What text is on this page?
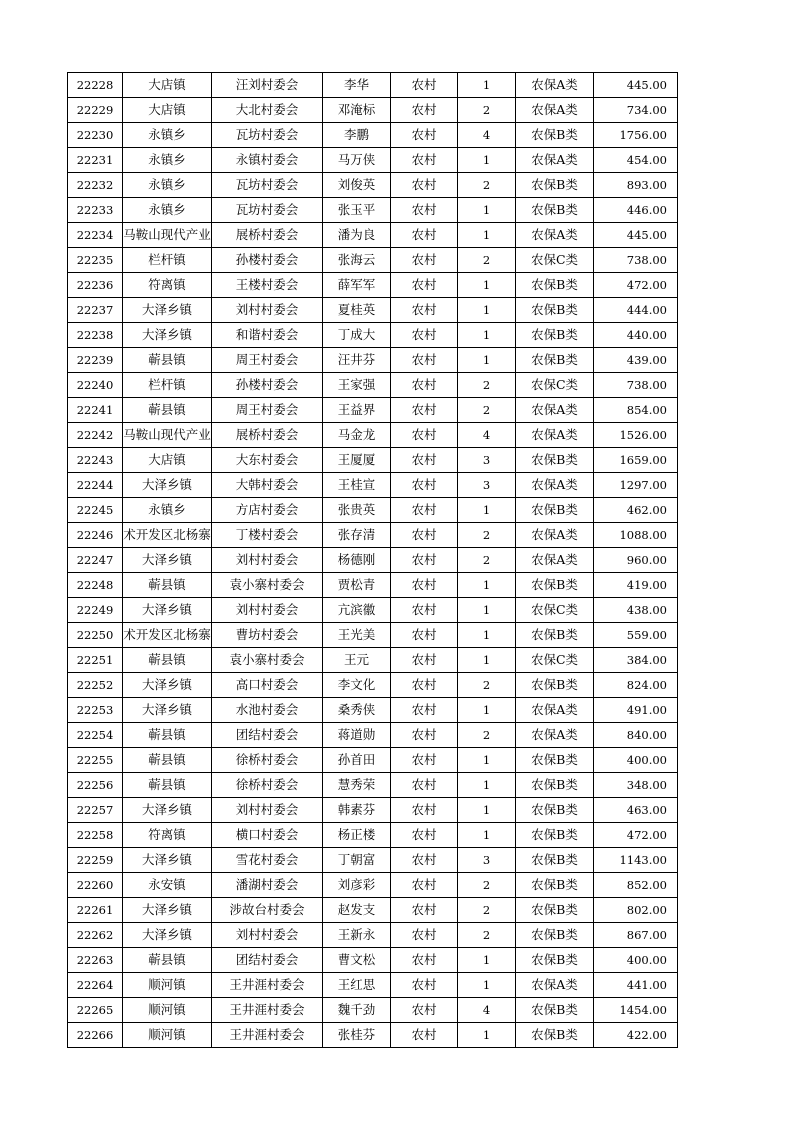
22228	大店镇	汪刘村委会	李华	农村	1	农保A类	445.00
22229	大店镇	大北村委会	邓淹标	农村	2	农保A类	734.00
22230	永镇乡	瓦坊村委会	李鹏	农村	4	农保B类	1756.00
22231	永镇乡	永镇村委会	马万侠	农村	1	农保A类	454.00
22232	永镇乡	瓦坊村委会	刘俊英	农村	2	农保B类	893.00
22233	永镇乡	瓦坊村委会	张玉平	农村	1	农保B类	446.00
22234	马鞍山现代产业	展桥村委会	潘为良	农村	1	农保A类	445.00
22235	栏杆镇	孙楼村委会	张海云	农村	2	农保C类	738.00
22236	符离镇	王楼村委会	薛军军	农村	1	农保B类	472.00
22237	大泽乡镇	刘村村委会	夏桂英	农村	1	农保B类	444.00
22238	大泽乡镇	和谐村委会	丁成大	农村	1	农保B类	440.00
22239	蕲县镇	周王村委会	汪井芬	农村	1	农保B类	439.00
22240	栏杆镇	孙楼村委会	王家强	农村	2	农保C类	738.00
22241	蕲县镇	周王村委会	王益界	农村	2	农保A类	854.00
22242	马鞍山现代产业	展桥村委会	马金龙	农村	4	农保A类	1526.00
22243	大店镇	大东村委会	王厦厦	农村	3	农保B类	1659.00
22244	大泽乡镇	大韩村委会	王桂宣	农村	3	农保A类	1297.00
22245	永镇乡	方店村委会	张贵英	农村	1	农保B类	462.00
22246	术开发区北杨寨	丁楼村委会	张存清	农村	2	农保A类	1088.00
22247	大泽乡镇	刘村村委会	杨德刚	农村	2	农保A类	960.00
22248	蕲县镇	袁小寨村委会	贾松青	农村	1	农保B类	419.00
22249	大泽乡镇	刘村村委会	亢滨徽	农村	1	农保C类	438.00
22250	术开发区北杨寨	曹坊村委会	王光美	农村	1	农保B类	559.00
22251	蕲县镇	袁小寨村委会	王元	农村	1	农保C类	384.00
22252	大泽乡镇	高口村委会	李文化	农村	2	农保B类	824.00
22253	大泽乡镇	水池村委会	桑秀侠	农村	1	农保A类	491.00
22254	蕲县镇	团结村委会	蒋道勋	农村	2	农保A类	840.00
22255	蕲县镇	徐桥村委会	孙首田	农村	1	农保B类	400.00
22256	蕲县镇	徐桥村委会	慧秀荣	农村	1	农保B类	348.00
22257	大泽乡镇	刘村村委会	韩素芬	农村	1	农保B类	463.00
22258	符离镇	横口村委会	杨正楼	农村	1	农保B类	472.00
22259	大泽乡镇	雪花村委会	丁朝富	农村	3	农保B类	1143.00
22260	永安镇	潘湖村委会	刘彦彩	农村	2	农保B类	852.00
22261	大泽乡镇	涉故台村委会	赵发支	农村	2	农保B类	802.00
22262	大泽乡镇	刘村村委会	王新永	农村	2	农保B类	867.00
22263	蕲县镇	团结村委会	曹文松	农村	1	农保B类	400.00
22264	顺河镇	王井涯村委会	王红思	农村	1	农保A类	441.00
22265	顺河镇	王井涯村委会	魏千劲	农村	4	农保B类	1454.00
22266	顺河镇	王井涯村委会	张桂芬	农村	1	农保B类	422.00
